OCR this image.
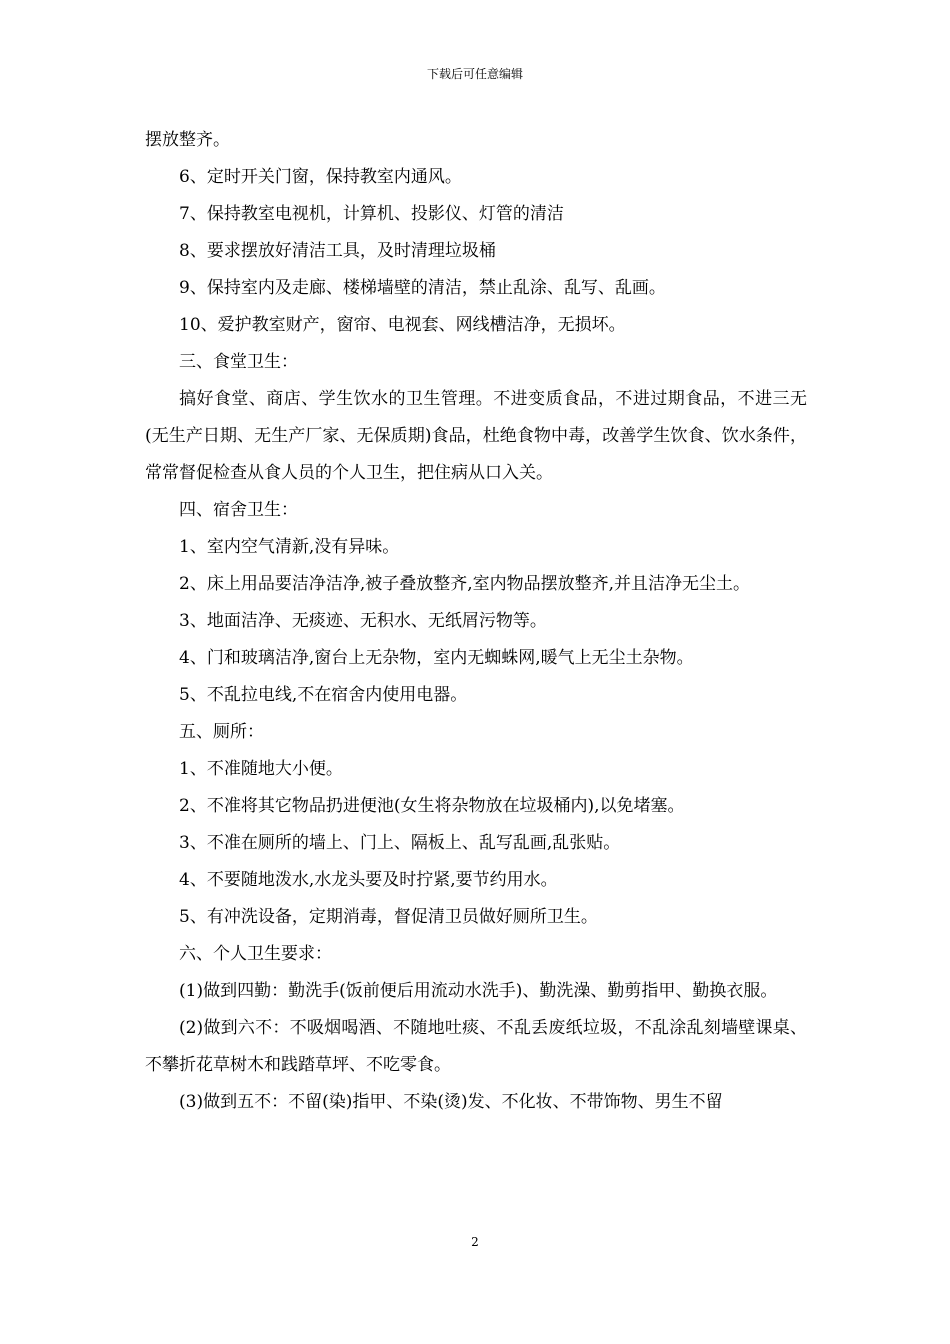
下载后可任意编辑

摆放整齐。

6、定时开关门窗，保持教室内通风。

7、保持教室电视机，计算机、投影仪、灯管的清洁

8、要求摆放好清洁工具，及时清理垃圾桶

9、保持室内及走廊、楼梯墙壁的清洁，禁止乱涂、乱写、乱画。

10、爱护教室财产，窗帘、电视套、网线槽洁净，无损坏。

三、食堂卫生：

搞好食堂、商店、学生饮水的卫生管理。不进变质食品，不进过期食品，不进三无(无生产日期、无生产厂家、无保质期)食品，杜绝食物中毒，改善学生饮食、饮水条件，常常督促检查从食人员的个人卫生，把住病从口入关。

四、宿舍卫生：

1、室内空气清新,没有异味。

2、床上用品要洁净洁净,被子叠放整齐,室内物品摆放整齐,并且洁净无尘土。

3、地面洁净、无痰迹、无积水、无纸屑污物等。

4、门和玻璃洁净,窗台上无杂物，室内无蜘蛛网,暖气上无尘土杂物。

5、不乱拉电线,不在宿舍内使用电器。

五、厕所：

1、不准随地大小便。

2、不准将其它物品扔进便池(女生将杂物放在垃圾桶内),以免堵塞。

3、不准在厕所的墙上、门上、隔板上、乱写乱画,乱张贴。

4、不要随地泼水,水龙头要及时拧紧,要节约用水。

5、有冲洗设备，定期消毒，督促清卫员做好厕所卫生。

六、个人卫生要求：

(1)做到四勤：勤洗手(饭前便后用流动水洗手)、勤洗澡、勤剪指甲、勤换衣服。

(2)做到六不：不吸烟喝酒、不随地吐痰、不乱丢废纸垃圾，不乱涂乱刻墙壁课桌、不攀折花草树木和践踏草坪、不吃零食。

(3)做到五不：不留(染)指甲、不染(烫)发、不化妆、不带饰物、男生不留

2
